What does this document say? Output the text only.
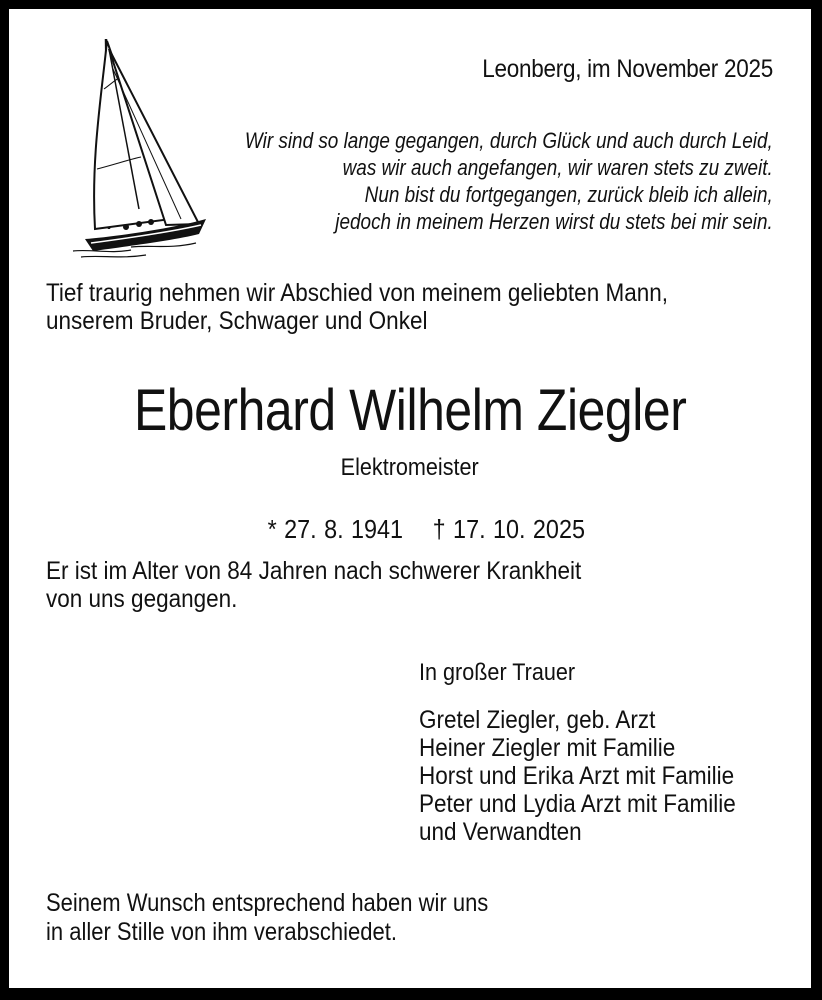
Leonberg, im November 2025
Wir sind so lange gegangen, durch Glück und auch durch Leid,
was wir auch angefangen, wir waren stets zu zweit.
Nun bist du fortgegangen, zurück bleib ich allein,
jedoch in meinem Herzen wirst du stets bei mir sein.
Tief traurig nehmen wir Abschied von meinem geliebten Mann,
unserem Bruder, Schwager und Onkel
Eberhard Wilhelm Ziegler
Elektromeister

* 27. 8. 1941    † 17. 10. 2025

Er ist im Alter von 84 Jahren nach schwerer Krankheit
von uns gegangen.
In großer Trauer
Gretel Ziegler, geb. Arzt
Heiner Ziegler mit Familie
Horst und Erika Arzt mit Familie
Peter und Lydia Arzt mit Familie
und Verwandten
Seinem Wunsch entsprechend haben wir uns
in aller Stille von ihm verabschiedet.
